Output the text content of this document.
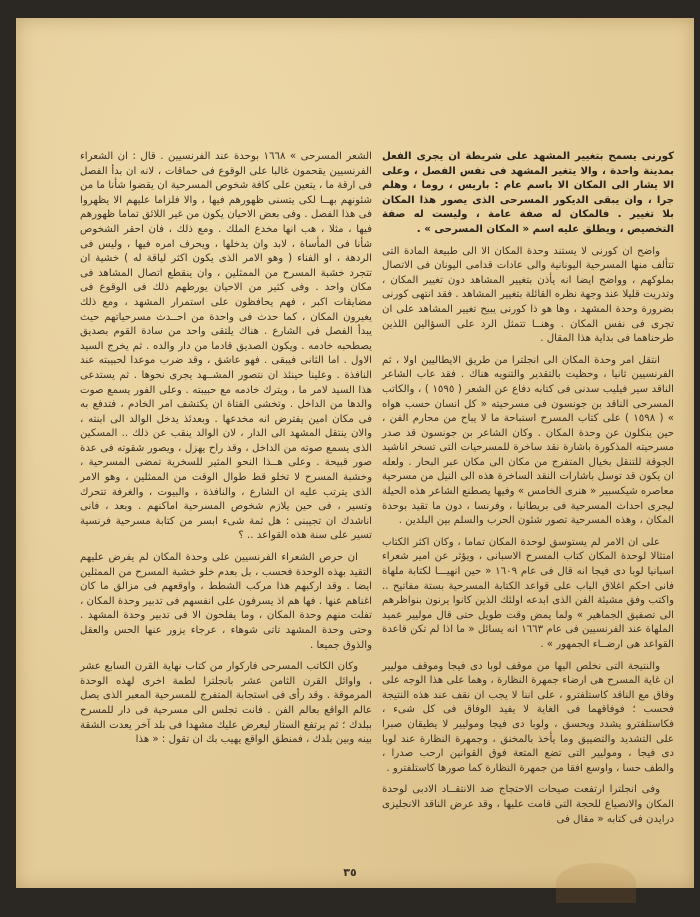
كورنى يسمح بتغيير المشهد على شريطة ان يجرى الفعل بمدينة واحدة ، والا يتغير المشهد فى نفس الفصل ، وعلى الا يشار الى المكان الا باسم عام : باريس ، روما ، وهلم جرا ، وان يبقى الديكور المسرحى الذى يصور هذا المكان بلا تغيير . فالمكان له صفة عامة ، وليست له صفة التخصيص ، ويطلق عليه اسم « المكان المسرحى » .

واضح ان كورنى لا يستند وحدة المكان الا الى طبيعة المادة التى تتألف منها المسرحية اليونانية والى عادات قدامى اليونان فى الاتصال بملوكهم ، وواضح ايضا انه يأذن بتغيير المشاهد دون تغيير المكان ، وتدريت قليلا عند وجهة نظره القائلة بتغيير المشاهد . فقد انتهى كورنى بضرورة وحدة المشهد ، وها هو ذا كورنى يبيح تغيير المشاهد على ان تجرى فى نفس المكان . وهنــا تتمثل الرد على السؤالين اللذين طرحناهما فى بداية هذا المقال .

انتقل امر وحدة المكان الى انجلترا من طريق الايطاليين اولا ، ثم الفرنسيين ثانيا ، وحظيت بالتقدير والتنويه هناك . فقد عاب الشاعر الناقد سير فيليب سدنى فى كتابه دفاع عن الشعر ( ١٥٩٥ ) ، والكاتب المسرحى الناقد بن جونسون فى مسرحيته « كل انسان حسب هواه » ( ١٥٩٨ ) على كتاب المسرح استباحة ما لا يباح من محارم الفن ، حين ينكلون عن وحدة المكان . وكان الشاعر بن جونسون قد صدر مسرحيته المذكورة باشارة نقد ساخرة للمسرحيات التى تسخر اناشيد الجوقة للتنقل بخيال المتفرج من مكان الى مكان عبر البحار . ولعله ان يكون قد توسل باشارات النقد الساخرة هذه الى النيل من مسرحية معاصره شيكسبير « هنرى الخامس » وفيها يصطنع الشاعر هذه الحيلة ليجرى احداث المسرحية فى بريطانيا ، وفرنسا ، دون ما تقيد بوحدة المكان ، وهذه المسرحية تصور شئون الحرب والسلم بين البلدين .

على ان الامر لم يستوسق لوحدة المكان تماما ، وكان اكثر الكتاب امتثالا لوحدة المكان كتاب المسرح الاسبانى ، ويؤثر عن امير شعراء اسبانيا لوبا دى فيجا انه قال فى عام ١٦٠٩ « حين انهيـــا لكتابة ملهاة فانى احكم اغلاق الباب على قواعد الكتابة المسرحية بستة مفاتيح .. واكتب وفق مشيئة الفن الذى ابدعه اولئك الذين كانوا يرنون بنواظرهم الى تصفيق الجماهير » ولما يمض وقت طويل حتى قال موليير عميد الملهاة عند الفرنسيين فى عام ١٦٦٣ انه يسائل « ما اذا لم تكن قاعدة القواعد هى ارضــاء الجمهور » .

والنتيجة التى نخلص اليها من موقف لوبا دى فيجا وموقف موليير ان غاية المسرح هى ارضاء جمهرة النظارة ، وهما على هذا الوجه على وفاق مع الناقد كاستلفترو ، على اننا لا يجب ان نقف عند هذه النتيجة فحسب ؛ فوفاقهما فى الغاية لا يفيد الوفاق فى كل شىء ، فكاستلفترو يشدد ويحسق ، ولوبا دى فيجا وموليير لا يطيقان صبرا على التشديد والتضييق وما يأخذ بالمخنق ، وجمهرة النظارة عند لوبا دى فيجا ، وموليير التى تضع المتعة فوق القوانين ارحب صدرا ، والطف حسا ، واوسع افقا من جمهرة النظارة كما صورها كاستلفترو .

وفى انجلترا ارتفعت صيحات الاحتجاج ضد الانتقــاد الادبى لوحدة المكان والانصياع للحجة التى قامت عليها ، وقد عرض الناقد الانجليزى درايدن فى كتابه « مقال فى

الشعر المسرحى » ١٦٦٨ بوحدة عند الفرنسيين . قال : ان الشعراء الفرنسيين يقحمون غالبا على الوقوع فى حماقات ، لانه ان بدأ الفصل فى ارقة ما ، يتعين على كافة شخوص المسرحية ان يقضوا شأنا ما من شئونهم بهــا لكى يتسنى ظهورهم فيها ، والا فلزاما عليهم الا يظهروا فى هذا الفصل . وفى بعض الاحيان يكون من غير اللائق تماما ظهورهم فيها ، مثلا ، هب انها مخدع الملك . ومع ذلك ، فان احقر الشخوص شأنا فى المأساة ، لابد وان يدخلها ، ويحرف امره فيها ، وليس فى الردهة ، او الفناء ( وهو الامر الذى يكون اكثر لياقة له ) خشية ان تتجرد خشبة المسرح من الممثلين ، وان ينقطع اتصال المشاهد فى مكان واحد . وفى كثير من الاحيان يورطهم ذلك فى الوقوع فى مضايقات اكبر ، فهم يحافظون على استمرار المشهد ، ومع ذلك يغيرون المكان ، كما حدث فى واحدة من احــدث مسرحياتهم حيث يبدأ الفصل فى الشارع . هناك يلتقى واحد من سادة القوم بصديق يصطحبه خادمه . ويكون الصديق قادما من دار والده . ثم يخرج السيد الاول . اما الثانى فيبقى . فهو عاشق ، وقد ضرب موعدا لحبيبته عند النافذة . وعلينا حينئذ ان نتصور المشــهد يجرى نحوها . ثم يستدعى هذا السيد لامر ما ، ويترك خادمه مع حبيبته . وعلى الفور يسمع صوت والدها من الداخل . وتخشى الفتاة ان يكتشف امر الخادم ، فتدفع به فى مكان امين يفترض انه مخدعها . وبعدئذ يدخل الوالد الى ابنته ، والان ينتقل المشهد الى الدار ، لان الوالد ينقب عن ذلك .. المسكين الذى يسمع صوته من الداخل ، وقد راح يهزل ، ويصور شقوته فى عدة صور قبيحة . وعلى هــذا النحو المثير للسخرية تمضى المسرحية ، وخشبة المسرح لا تخلو قط طوال الوقت من الممثلين ، وهو الامر الذى يترتب عليه ان الشارع ، والنافذة ، والبيوت ، والغرفة تتحرك وتسير ، فى حين يلازم شخوص المسرحية اماكنهم . وبعد ، فانى اناشدك ان تجيبنى : هل ثمة شىء ابسر من كتابة مسرحية فرنسية تسير على سنة هذه القواعد .. ؟

ان حرص الشعراء الفرنسيين على وحدة المكان لم يفرض عليهم التقيد بهذه الوحدة فحسب ، بل بعدم خلو خشبة المسرح من الممثلين ايضا . وقد اركبهم هذا مركب الشطط ، واوقعهم فى مزالق ما كان اغناهم عنها . فها هم اذ يسرفون على انفسهم فى تدبير وحدة المكان ، تفلت منهم وحدة المكان ، وما يفلحون الا فى تدبير وحدة المشهد . وحتى وحدة المشهد تاتى شوهاء ، عرجاء يزور عنها الحس والعقل والذوق جميعا .

وكان الكاتب المسرحى فاركوار من كتاب نهاية القرن السابع عشر ، واوائل القرن الثامن عشر بانجلترا لطمة اخرى لهذه الوحدة المرموقة . وقد رأى فى استجابة المتفرج للمسرحية المعبر الذى يصل عالم الواقع بعالم الفن . فانت تجلس الى مسرحية فى دار للمسرح ببلدك ؛ ثم يرتفع الستار ليعرض عليك مشهدا فى بلد آخر يعدت الشقة بينه وبين بلدك ، فمنطق الواقع يهيب بك ان تقول : « هذا

٣٥
